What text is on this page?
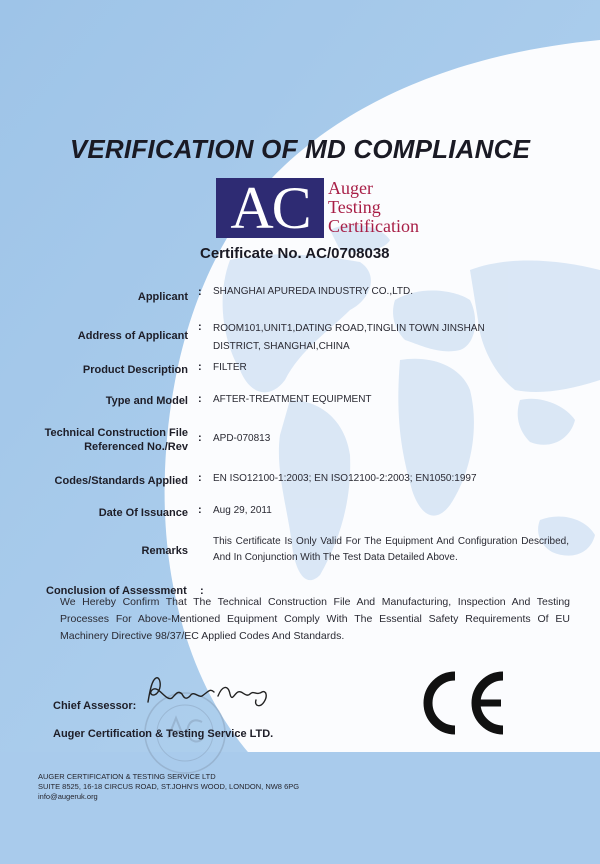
VERIFICATION OF MD COMPLIANCE
AC	Auger
Testing
Certification
Certificate No. AC/0708038
Applicant : SHANGHAI APUREDA INDUSTRY CO.,LTD.
Address of Applicant
: ROOM101,UNIT1,DATING ROAD,TINGLIN TOWN JINSHAN DISTRICT, SHANGHAI,CHINA
Product Description : FILTER
Type and Model : AFTER-TREATMENT EQUIPMENT
Technical Construction File Referenced No./Rev
: APD-070813
Codes/Standards Applied : EN ISO12100-1:2003; EN ISO12100-2:2003; EN1050:1997
Date Of Issuance : Aug 29, 2011
Remarks
This Certificate Is Only Valid For The Equipment And Configuration Described, And In Conjunction With The Test Data Detailed Above.
Conclusion of Assessment :
We Hereby Confirm That The Technical Construction File And Manufacturing, Inspection And Testing Processes For Above-Mentioned Equipment Comply With The Essential Safety Requirements Of EU Machinery Directive 98/37/EC Applied Codes And Standards.
Chief Assessor:
Auger Certification & Testing Service LTD.
AUGER CERTIFICATION & TESTING SERVICE LTD
SUITE 8525, 16-18 CIRCUS ROAD, ST.JOHN'S WOOD, LONDON, NW8 6PG
info@augeruk.org
